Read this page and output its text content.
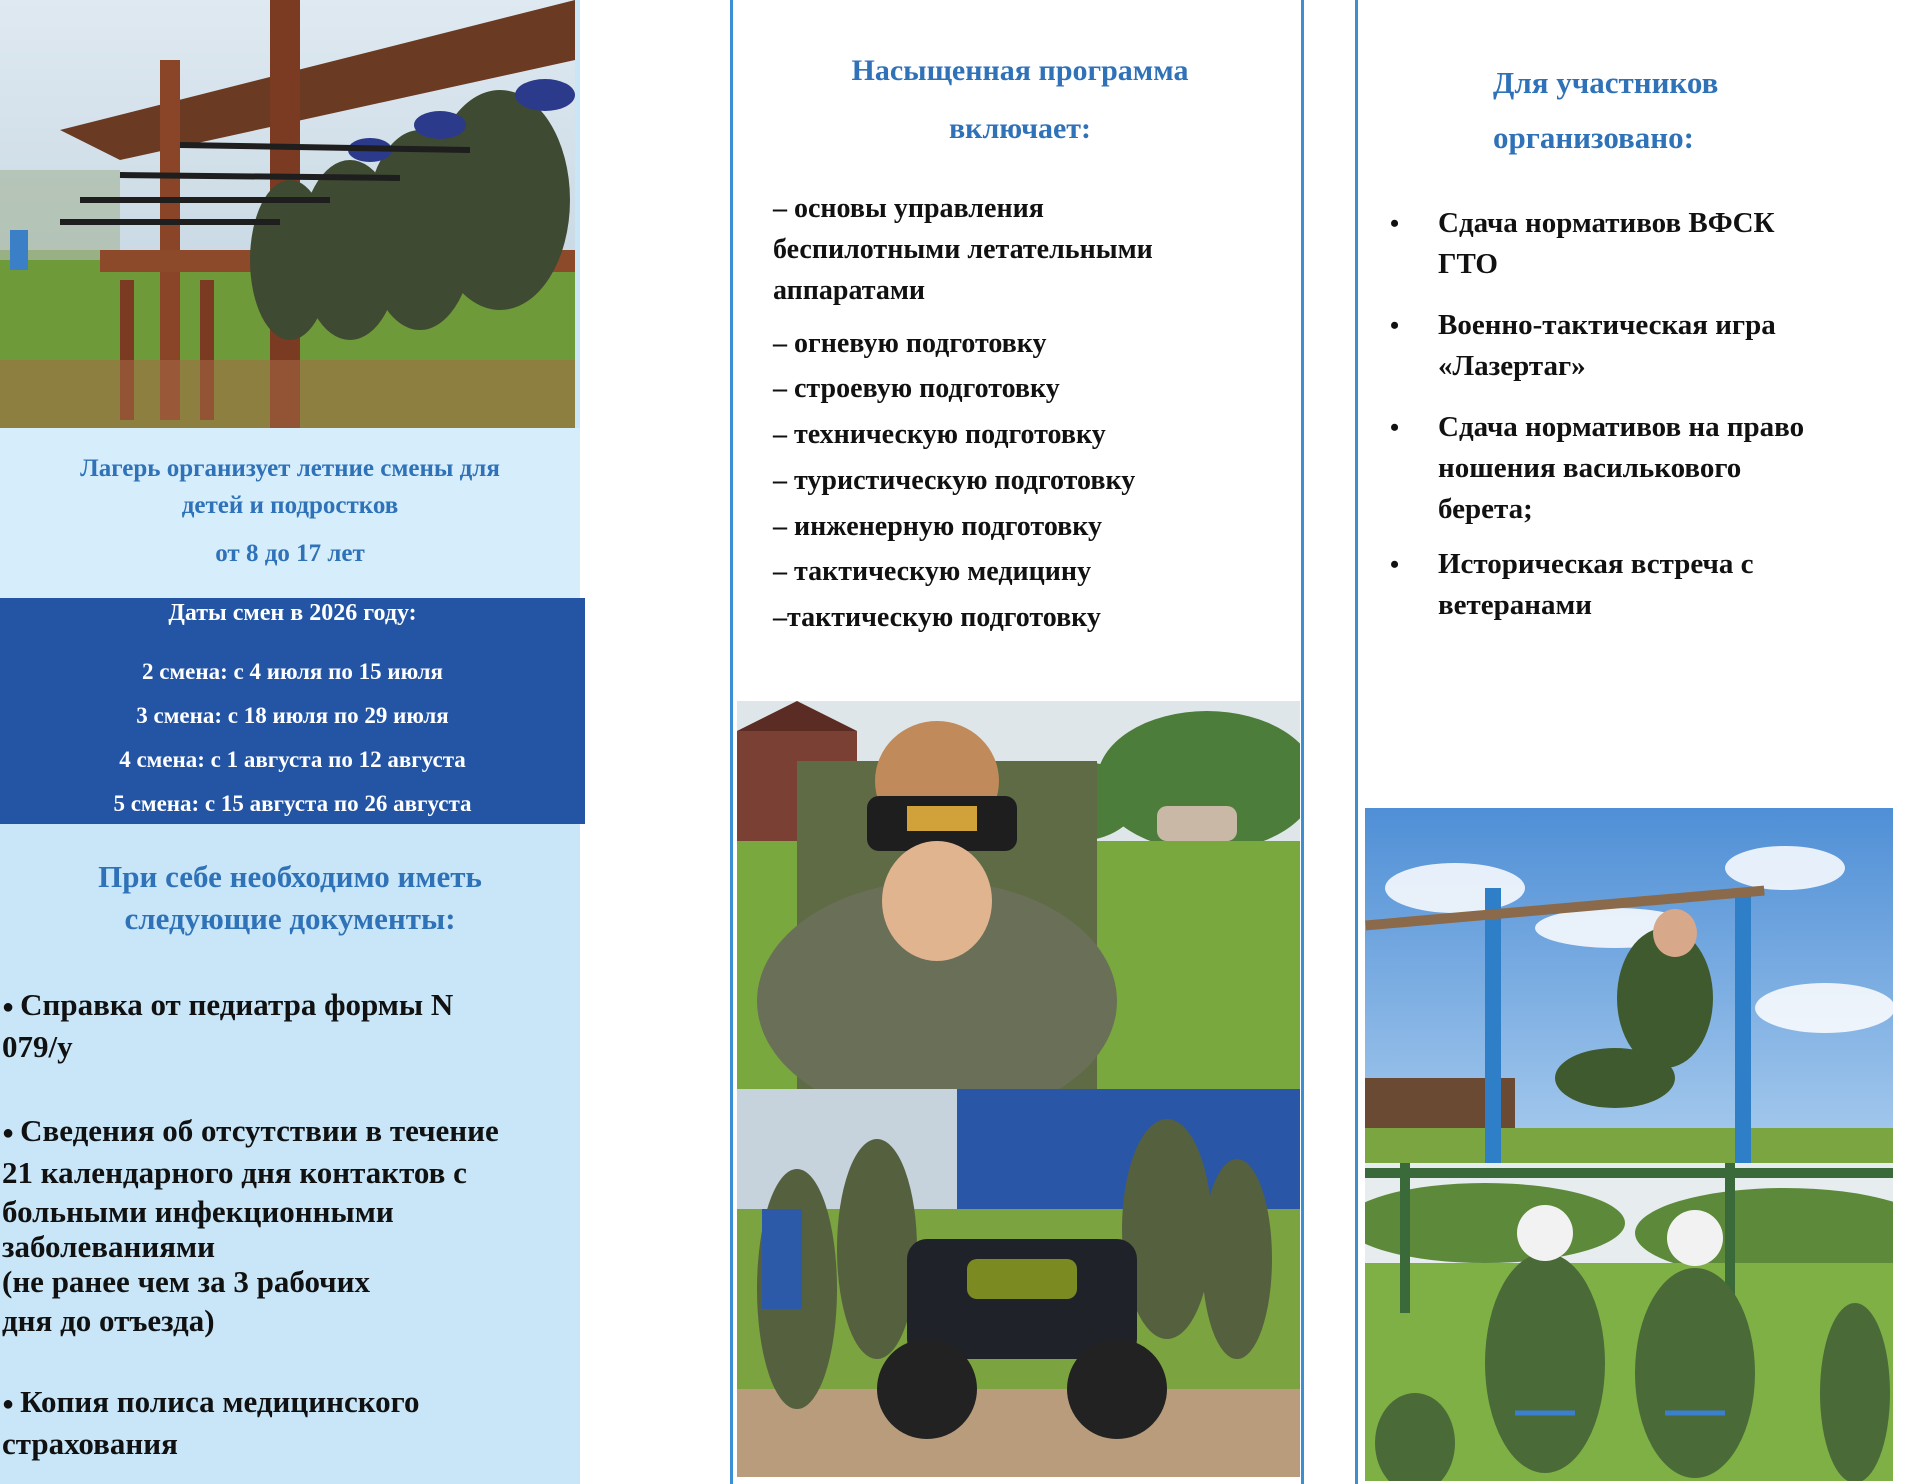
Лагерь организует летние смены для
детей и подростков
от 8 до 17 лет
Даты смен в 2026 году:
2 смена: с 4 июля по 15 июля
3 смена: с 18 июля по 29 июля
4 смена: с 1 августа по 12 августа
5 смена: с 15 августа по 26 августа
При себе необходимо иметь
следующие документы:
● Справка от педиатра формы N
079/у
● Сведения об отсутствии в течение
21 календарного дня контактов с
больными инфекционными
заболеваниями
(не ранее чем за 3 рабочих
дня до отъезда)
● Копия полиса медицинского
страхования
Насыщенная программа
включает:
– основы управления
беспилотными летательными
аппаратами
– огневую подготовку
– строевую подготовку
– техническую подготовку
– туристическую подготовку
– инженерную подготовку
– тактическую медицину
–тактическую подготовку
Для участников
организовано:
• Сдача нормативов ВФСК
ГТО
• Военно-тактическая игра
«Лазертаг»
• Сдача нормативов на право
ношения василькового
берета;
• Историческая встреча с
ветеранами
